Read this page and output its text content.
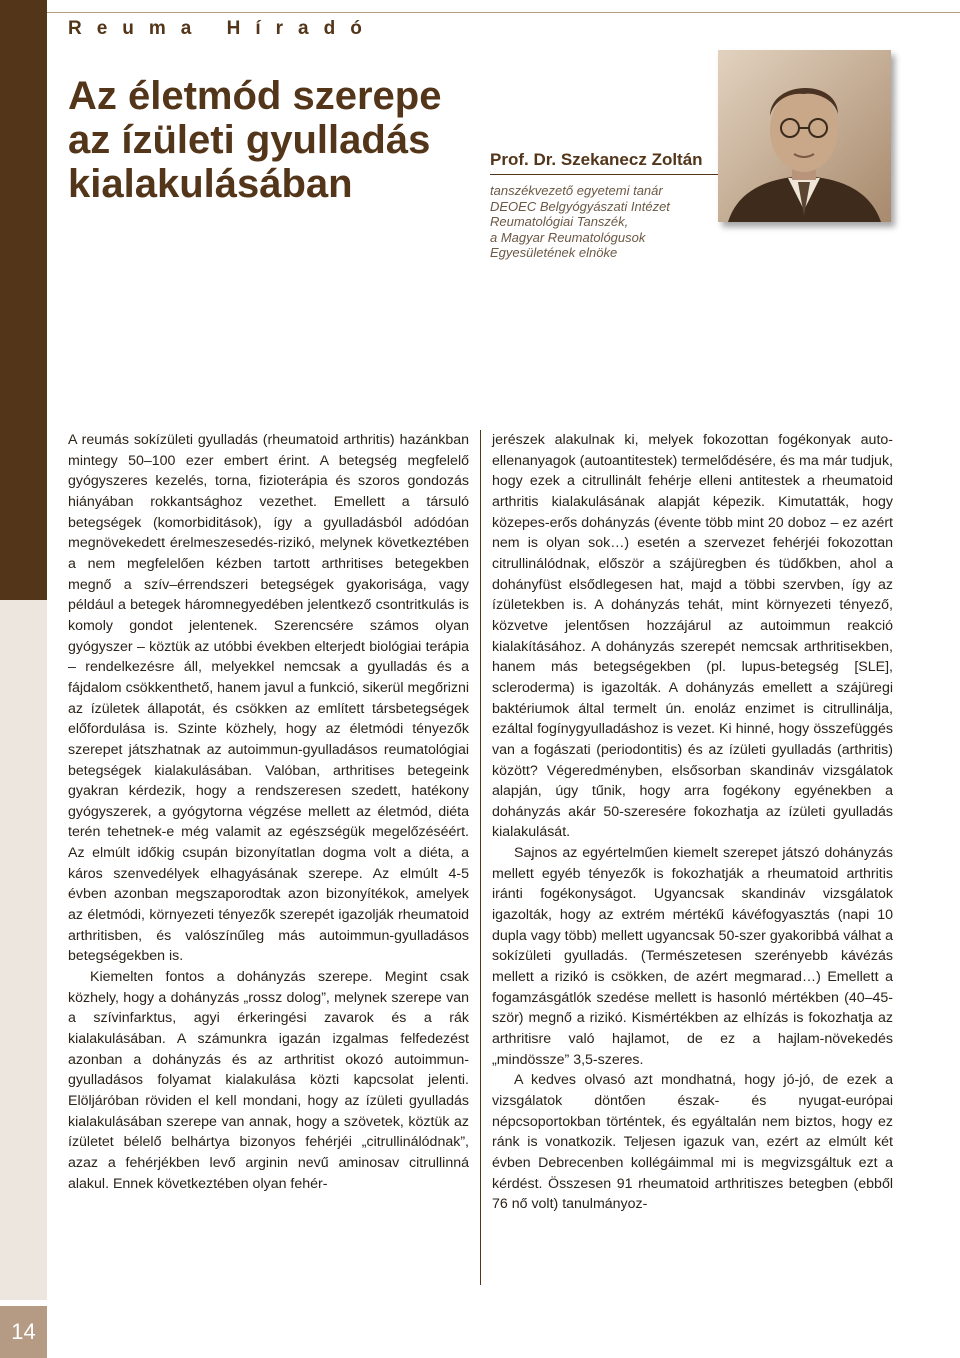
14
Reuma Híradó
Az életmód szerepe az ízületi gyulladás kialakulásában

Prof. Dr. Szekanecz Zoltán

tanszékvezető egyetemi tanár

DEOEC Belgyógyászati Intézet

Reumatológiai Tanszék,

a Magyar Reumatológusok

Egyesületének elnöke

A reumás sokízületi gyulladás (rheumatoid arthritis) hazánkban mintegy 50–100 ezer embert érint. A betegség megfelelő gyógyszeres kezelés, torna, fizioterápia és szoros gondozás hiányában rokkantsághoz vezethet. Emellett a társuló betegségek (komorbiditások), így a gyulladásból adódóan megnövekedett érelmeszesedés-rizikó, melynek következtében a nem megfelelően kézben tartott arthritises betegekben megnő a szív–érrendszeri betegségek gyakorisága, vagy például a betegek háromnegyedében jelentkező csontritkulás is komoly gondot jelentenek. Szerencsére számos olyan gyógyszer – köztük az utóbbi években elterjedt biológiai terápia – rendelkezésre áll, melyekkel nemcsak a gyulladás és a fájdalom csökkenthető, hanem javul a funkció, sikerül megőrizni az ízületek állapotát, és csökken az említett társbetegségek előfordulása is. Szinte közhely, hogy az életmódi tényezők szerepet játszhatnak az autoimmun-gyulladásos reumatológiai betegségek kialakulásában. Valóban, arthritises betegeink gyakran kérdezik, hogy a rendszeresen szedett, hatékony gyógyszerek, a gyógytorna végzése mellett az életmód, diéta terén tehetnek-e még valamit az egészségük megelőzéséért. Az elmúlt időkig csupán bizonyítatlan dogma volt a diéta, a káros szenvedélyek elhagyásának szerepe. Az elmúlt 4-5 évben azonban megszaporodtak azon bizonyítékok, amelyek az életmódi, környezeti tényezők szerepét igazolják rheumatoid arthritisben, és valószínűleg más autoimmun-gyulladásos betegségekben is.

Kiemelten fontos a dohányzás szerepe. Megint csak közhely, hogy a dohányzás „rossz dolog”, melynek szerepe van a szívinfarktus, agyi érkeringési zavarok és a rák kialakulásában. A számunkra igazán izgalmas felfedezést azonban a dohányzás és az arthritist okozó autoimmun-gyulladásos folyamat kialakulása közti kapcsolat jelenti. Elöljáróban röviden el kell mondani, hogy az ízületi gyulladás kialakulásában szerepe van annak, hogy a szövetek, köztük az ízületet bélelő belhártya bizonyos fehérjéi „citrullinálódnak”, azaz a fehérjékben levő arginin nevű aminosav citrullinná alakul. Ennek következtében olyan fehér-

jerészek alakulnak ki, melyek fokozottan fogékonyak auto-ellenanyagok (autoantitestek) termelődésére, és ma már tudjuk, hogy ezek a citrullinált fehérje elleni antitestek a rheumatoid arthritis kialakulásának alapját képezik. Kimutatták, hogy közepes-erős dohányzás (évente több mint 20 doboz – ez azért nem is olyan sok…) esetén a szervezet fehérjéi fokozottan citrullinálódnak, először a szájüregben és tüdőkben, ahol a dohányfüst elsődlegesen hat, majd a többi szervben, így az ízületekben is. A dohányzás tehát, mint környezeti tényező, közvetve jelentősen hozzájárul az autoimmun reakció kialakításához. A dohányzás szerepét nemcsak arthritisekben, hanem más betegségekben (pl. lupus-betegség [SLE], scleroderma) is igazolták. A dohányzás emellett a szájüregi baktériumok által termelt ún. enoláz enzimet is citrullinálja, ezáltal fogínygyulladáshoz is vezet. Ki hinné, hogy összefüggés van a fogászati (periodontitis) és az ízületi gyulladás (arthritis) között? Végeredményben, elsősorban skandináv vizsgálatok alapján, úgy tűnik, hogy arra fogékony egyénekben a dohányzás akár 50-szeresére fokozhatja az ízületi gyulladás kialakulását.

Sajnos az egyértelműen kiemelt szerepet játszó dohányzás mellett egyéb tényezők is fokozhatják a rheumatoid arthritis iránti fogékonyságot. Ugyancsak skandináv vizsgálatok igazolták, hogy az extrém mértékű kávéfogyasztás (napi 10 dupla vagy több) mellett ugyancsak 50-szer gyakoribbá válhat a sokízületi gyulladás. (Természetesen szerényebb kávézás mellett a rizikó is csökken, de azért megmarad…) Emellett a fogamzásgátlók szedése mellett is hasonló mértékben (40–45-ször) megnő a rizikó. Kismértékben az elhízás is fokozhatja az arthritisre való hajlamot, de ez a hajlam-növekedés „mindössze” 3,5-szeres.

A kedves olvasó azt mondhatná, hogy jó-jó, de ezek a vizsgálatok döntően észak- és nyugat-európai népcsoportokban történtek, és egyáltalán nem biztos, hogy ez ránk is vonatkozik. Teljesen igazuk van, ezért az elmúlt két évben Debrecenben kollégáimmal mi is megvizsgáltuk ezt a kérdést. Összesen 91 rheumatoid arthritiszes betegben (ebből 76 nő volt) tanulmányoz-
